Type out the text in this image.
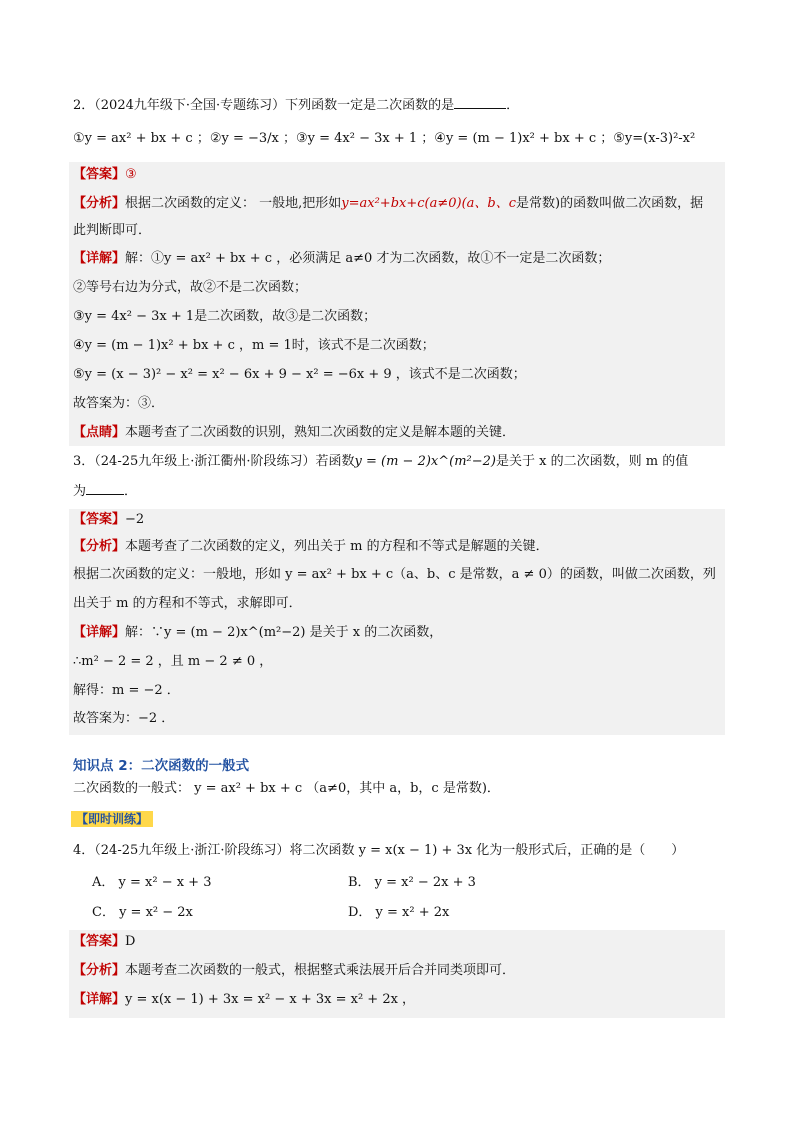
2．（2024九年级下·全国·专题练习）下列函数一定是二次函数的是	．
①y = ax² + bx + c ；②y = −3/x ；③y = 4x² − 3x + 1 ；④y = (m − 1)x² + bx + c ；⑤y=(x-3)²-x²
【答案】③
【分析】根据二次函数的定义： 一般地,把形如y=ax²+bx+c(a≠0)(a、b、c是常数)的函数叫做二次函数，据
此判断即可．
【详解】解：①y = ax² + bx + c ，必须满足 a≠0 才为二次函数，故①不一定是二次函数；
②等号右边为分式，故②不是二次函数；
③y = 4x² − 3x + 1是二次函数，故③是二次函数；
④y = (m − 1)x² + bx + c ，m = 1时，该式不是二次函数；
⑤y = (x − 3)² − x² = x² − 6x + 9 − x² = −6x + 9 ，该式不是二次函数；
故答案为：③．
【点睛】本题考查了二次函数的识别，熟知二次函数的定义是解本题的关键．
3．（24-25九年级上·浙江衢州·阶段练习）若函数y = (m − 2)x^(m²−2)是关于 x 的二次函数，则 m 的值
为	．
【答案】−2
【分析】本题考查了二次函数的定义，列出关于 m 的方程和不等式是解题的关键．
根据二次函数的定义：一般地，形如 y = ax² + bx + c（a、b、c 是常数，a ≠ 0）的函数，叫做二次函数，列
出关于 m 的方程和不等式，求解即可．
【详解】解：∵y = (m − 2)x^(m²−2) 是关于 x 的二次函数，
∴m² − 2 = 2 ，且 m − 2 ≠ 0 ，
解得：m = −2 ．
故答案为：−2 ．
知识点 2：二次函数的一般式
二次函数的一般式： y = ax² + bx + c （a≠0，其中 a，b，c 是常数)．
【即时训练】
4．（24-25九年级上·浙江·阶段练习）将二次函数 y = x(x − 1) + 3x 化为一般形式后，正确的是（　　）
A． y = x² − x + 3	B． y = x² − 2x + 3
C． y = x² − 2x	D． y = x² + 2x
【答案】D
【分析】本题考查二次函数的一般式，根据整式乘法展开后合并同类项即可．
【详解】y = x(x − 1) + 3x = x² − x + 3x = x² + 2x ，
